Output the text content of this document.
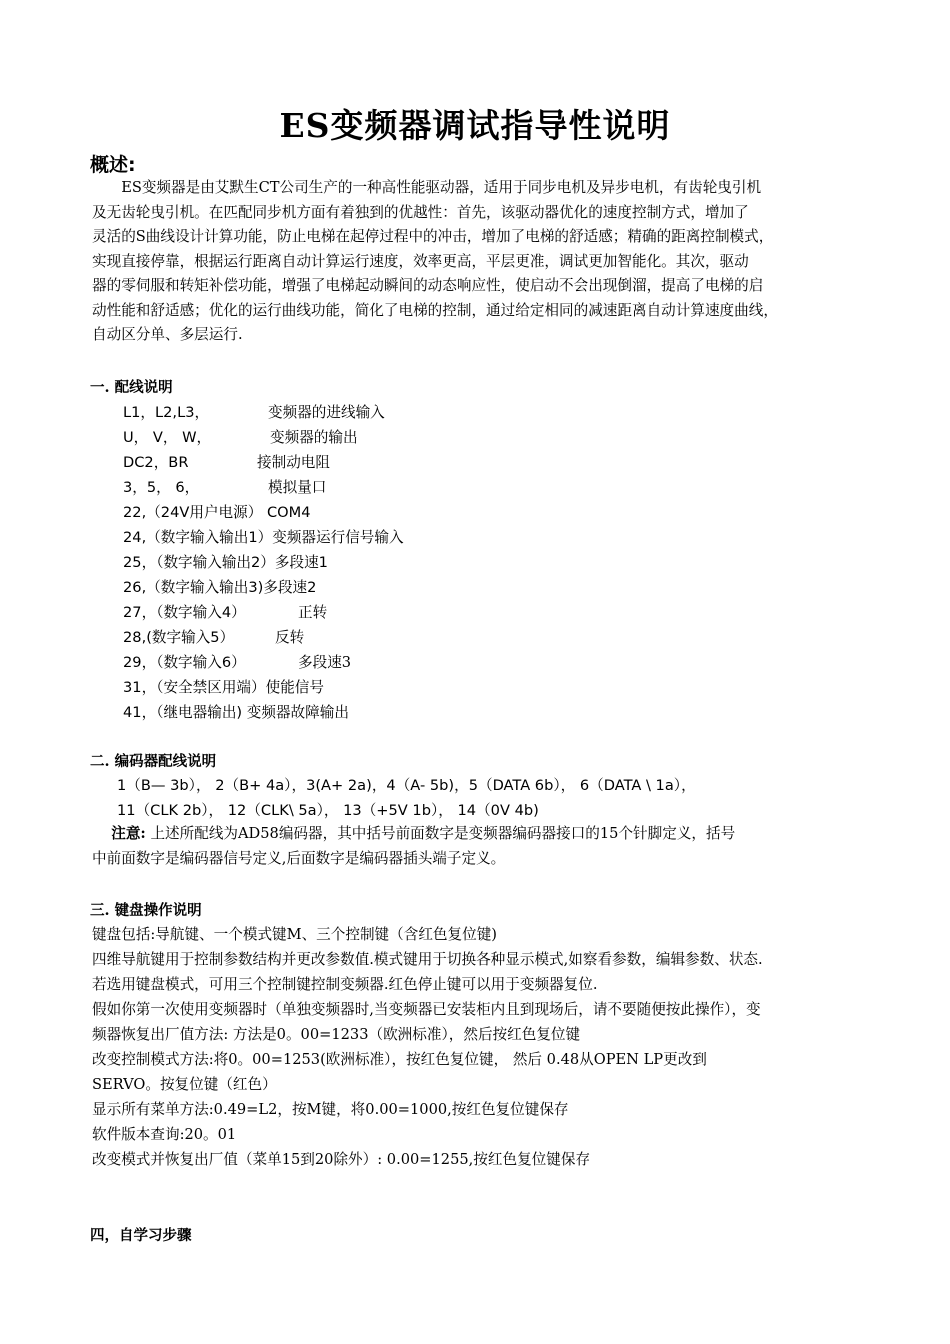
ES变频器调试指导性说明
概述:
　　ES变频器是由艾默生CT公司生产的一种高性能驱动器，适用于同步电机及异步电机，有齿轮曳引机
及无齿轮曳引机。在匹配同步机方面有着独到的优越性：首先，该驱动器优化的速度控制方式，增加了
灵活的S曲线设计计算功能，防止电梯在起停过程中的冲击，增加了电梯的舒适感；精确的距离控制模式，
实现直接停靠，根据运行距离自动计算运行速度，效率更高，平层更准，调试更加智能化。其次，驱动
器的零伺服和转矩补偿功能，增强了电梯起动瞬间的动态响应性，使启动不会出现倒溜，提高了电梯的启
动性能和舒适感；优化的运行曲线功能，简化了电梯的控制，通过给定相同的减速距离自动计算速度曲线，
自动区分单、多层运行.
一. 配线说明
L1，L2,L3，	变频器的进线输入
U， V， W，	变频器的输出
DC2，BR	接制动电阻
3，5， 6，	模拟量口
22,（24V用户电源） COM4
24,（数字输入输出1）变频器运行信号输入
25，（数字输入输出2）多段速1
26,（数字输入输出3)多段速2
27，（数字输入4）	正转
28,(数字输入5）	反转
29，（数字输入6）	多段速3
31，（安全禁区用端）使能信号
41，（继电器输出) 变频器故障输出
二. 编码器配线说明
1（B— 3b）， 2（B+ 4a），3(A+ 2a)，4（A- 5b)，5（DATA 6b）， 6（DATA \ 1a），
11（CLK 2b）， 12（CLK\ 5a）， 13（+5V 1b）， 14（0V 4b)
　 注意: 上述所配线为AD58编码器，其中括号前面数字是变频器编码器接口的15个针脚定义，括号
中前面数字是编码器信号定义,后面数字是编码器插头端子定义。
三. 键盘操作说明
键盘包括:导航键、一个模式键M、三个控制键（含红色复位键)
四维导航键用于控制参数结构并更改参数值.模式键用于切换各种显示模式,如察看参数，编辑参数、状态.
若选用键盘模式，可用三个控制键控制变频器.红色停止键可以用于变频器复位.
假如你第一次使用变频器时（单独变频器时,当变频器已安装柜内且到现场后，请不要随便按此操作），变
频器恢复出厂值方法: 方法是0。00=1233（欧洲标准），然后按红色复位键
改变控制模式方法:将0。00=1253(欧洲标准），按红色复位键， 然后 0.48从OPEN LP更改到
SERVO。按复位键（红色）
显示所有菜单方法:0.49=L2，按M键，将0.00=1000,按红色复位键保存
软件版本查询:20。01
改变模式并恢复出厂值（菜单15到20除外）: 0.00=1255,按红色复位键保存
四，自学习步骤
